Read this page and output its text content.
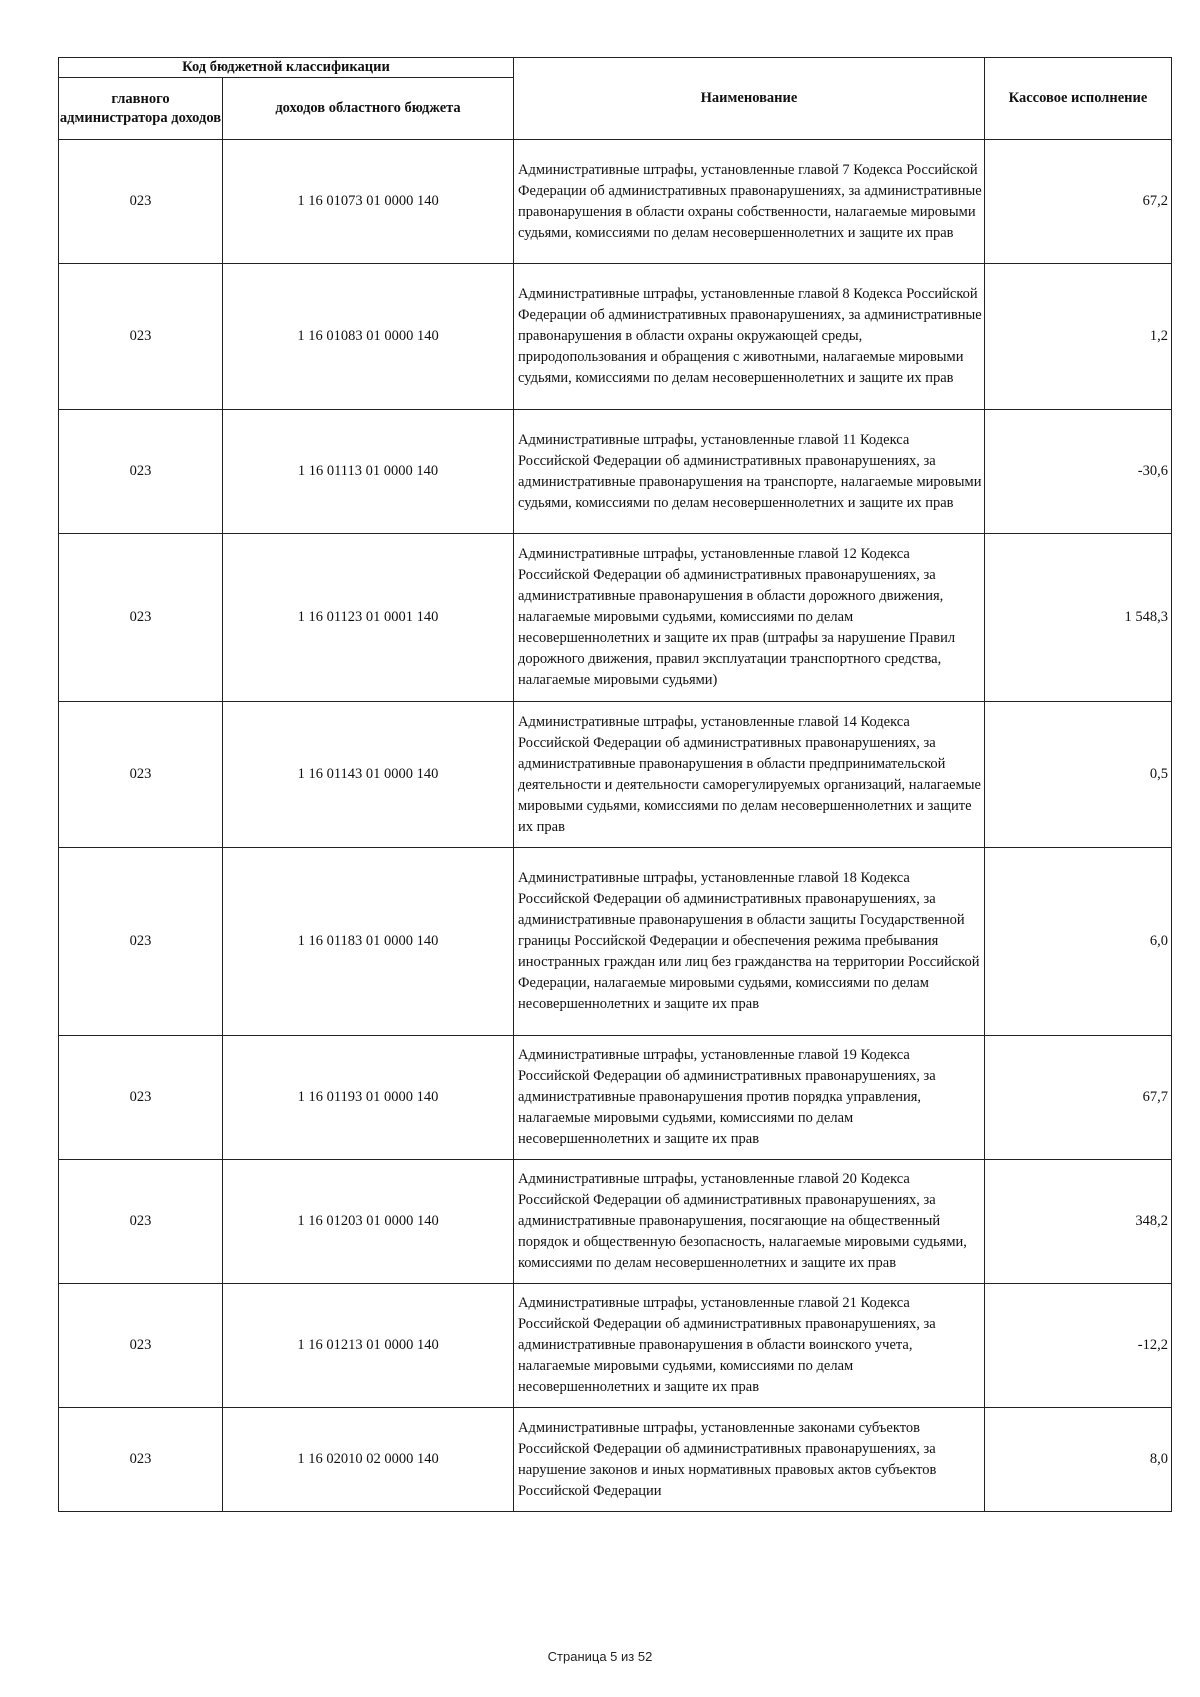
Код бюджетной классификации		Наименование	Кассовое исполнение
главного администратора доходов	доходов областного бюджета		
023	1 16 01073 01 0000 140	Административные штрафы, установленные главой 7 Кодекса Российской Федерации об административных правонарушениях, за административные правонарушения в области охраны собственности, налагаемые мировыми судьями, комиссиями по делам несовершеннолетних и защите их прав	67,2
023	1 16 01083 01 0000 140	Административные штрафы, установленные главой 8 Кодекса Российской Федерации об административных правонарушениях, за административные правонарушения в области охраны окружающей среды, природопользования и обращения с животными, налагаемые мировыми судьями, комиссиями по делам несовершеннолетних и защите их прав	1,2
023	1 16 01113 01 0000 140	Административные штрафы, установленные главой 11 Кодекса Российской Федерации об административных правонарушениях, за административные правонарушения на транспорте, налагаемые мировыми судьями, комиссиями по делам несовершеннолетних и защите их прав	-30,6
023	1 16 01123 01 0001 140	Административные штрафы, установленные главой 12 Кодекса Российской Федерации об административных правонарушениях, за административные правонарушения в области дорожного движения, налагаемые мировыми судьями, комиссиями по делам несовершеннолетних и защите их прав (штрафы за нарушение Правил дорожного движения, правил эксплуатации транспортного средства, налагаемые мировыми судьями)	1 548,3
023	1 16 01143 01 0000 140	Административные штрафы, установленные главой 14 Кодекса Российской Федерации об административных правонарушениях, за административные правонарушения в области предпринимательской деятельности и деятельности саморегулируемых организаций, налагаемые мировыми судьями, комиссиями по делам несовершеннолетних и защите их прав	0,5
023	1 16 01183 01 0000 140	Административные штрафы, установленные главой 18 Кодекса Российской Федерации об административных правонарушениях, за административные правонарушения в области защиты Государственной границы Российской Федерации и обеспечения режима пребывания иностранных граждан или лиц без гражданства на территории Российской Федерации, налагаемые мировыми судьями, комиссиями по делам несовершеннолетних и защите их прав	6,0
023	1 16 01193 01 0000 140	Административные штрафы, установленные главой 19 Кодекса Российской Федерации об административных правонарушениях, за административные правонарушения против порядка управления, налагаемые мировыми судьями, комиссиями по делам несовершеннолетних и защите их прав	67,7
023	1 16 01203 01 0000 140	Административные штрафы, установленные главой 20 Кодекса Российской Федерации об административных правонарушениях, за административные правонарушения, посягающие на общественный порядок и общественную безопасность, налагаемые мировыми судьями, комиссиями по делам несовершеннолетних и защите их прав	348,2
023	1 16 01213 01 0000 140	Административные штрафы, установленные главой 21 Кодекса Российской Федерации об административных правонарушениях, за административные правонарушения в области воинского учета, налагаемые мировыми судьями, комиссиями по делам несовершеннолетних и защите их прав	-12,2
023	1 16 02010 02 0000 140	Административные штрафы, установленные законами субъектов Российской Федерации об административных правонарушениях, за нарушение законов и иных нормативных правовых актов субъектов Российской Федерации	8,0
Страница 5 из 52
